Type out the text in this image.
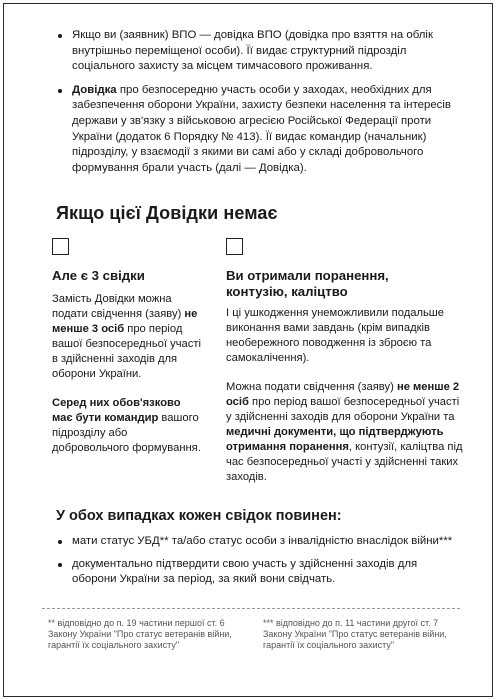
Якщо ви (заявник) ВПО — довідка ВПО (довідка про взяття на облік внутрішньо переміщеної особи). Її видає структурний підрозділ соціального захисту за місцем тимчасового проживання.
Довідка про безпосередню участь особи у заходах, необхідних для забезпечення оборони України, захисту безпеки населення та інтересів держави у зв'язку з військовою агресією Російської Федерації проти України (додаток 6 Порядку № 413). Її видає командир (начальник) підрозділу, у взаємодії з якими ви самі або у складі добровольчого формування брали участь (далі — Довідка).
Якщо цієї Довідки немає
Але є 3 свідки	Ви отримали поранення, контузію, каліцтво

Замість Довідки можна подати свідчення (заяву) не менше 3 осіб про період вашої безпосередньої участі в здійсненні заходів для оборони України.

Серед них обов'язково має бути командир вашого підрозділу або добровольчого формування.

І ці ушкодження унеможливили подальше виконання вами завдань (крім випадків необережного поводження із зброєю та самокалічення).

Можна подати свідчення (заяву) не менше 2 осіб про період вашої безпосередньої участі у здійсненні заходів для оборони України та медичні документи, що підтверджують отримання поранення, контузії, каліцтва під час безпосередньої участі у здійсненні таких заходів.

У обох випадках кожен свідок повинен:
мати статус УБД** та/або статус особи з інвалідністю внаслідок війни***
документально підтвердити свою участь у здійсненні заходів для оборони України за період, за який вони свідчать.
** відповідно до п. 19 частини першої ст. 6 Закону України "Про статус ветеранів війни, гарантії їх соціального захисту"
*** відповідно до п. 11 частини другої ст. 7 Закону України "Про статус ветеранів війни, гарантії їх соціального захисту"
